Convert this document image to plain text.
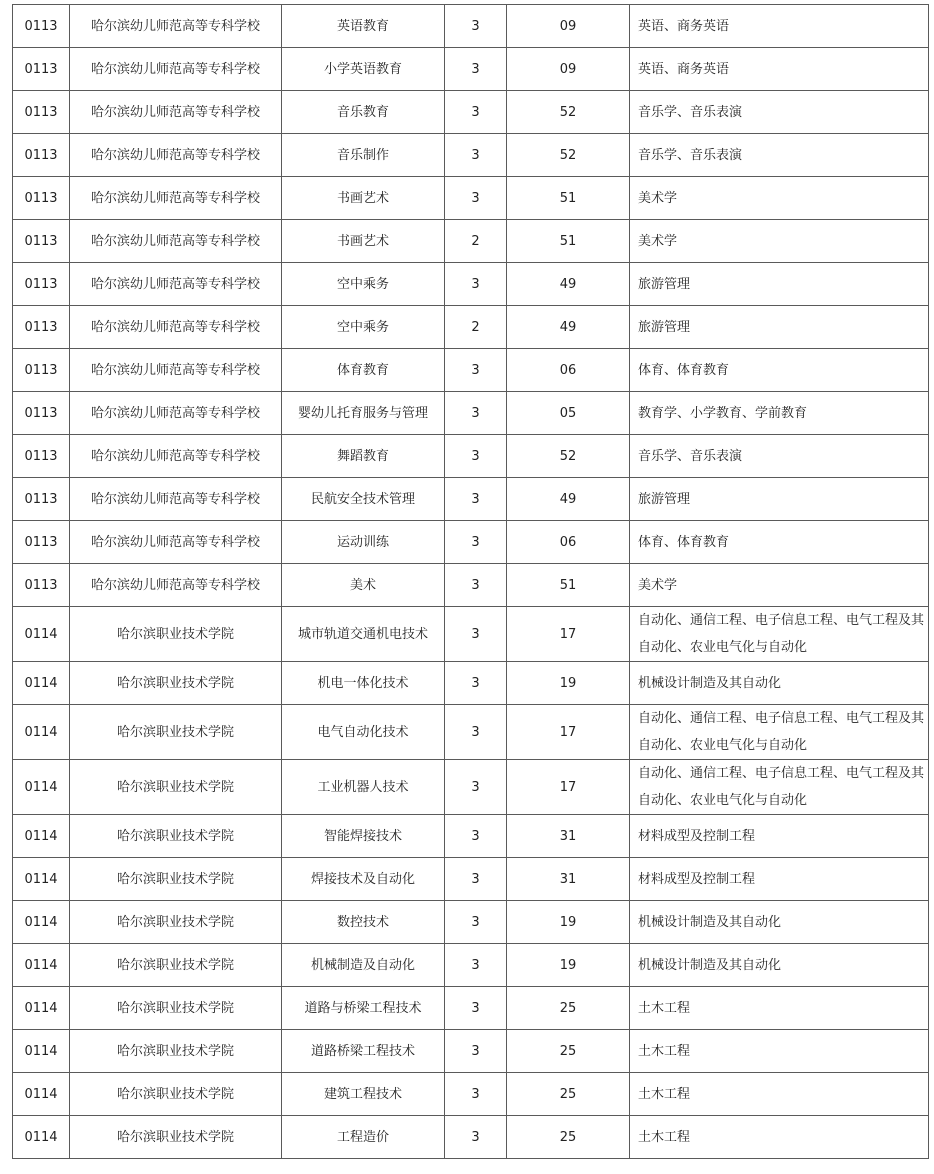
0113	哈尔滨幼儿师范高等专科学校	英语教育	3	09	英语、商务英语
0113	哈尔滨幼儿师范高等专科学校	小学英语教育	3	09	英语、商务英语
0113	哈尔滨幼儿师范高等专科学校	音乐教育	3	52	音乐学、音乐表演
0113	哈尔滨幼儿师范高等专科学校	音乐制作	3	52	音乐学、音乐表演
0113	哈尔滨幼儿师范高等专科学校	书画艺术	3	51	美术学
0113	哈尔滨幼儿师范高等专科学校	书画艺术	2	51	美术学
0113	哈尔滨幼儿师范高等专科学校	空中乘务	3	49	旅游管理
0113	哈尔滨幼儿师范高等专科学校	空中乘务	2	49	旅游管理
0113	哈尔滨幼儿师范高等专科学校	体育教育	3	06	体育、体育教育
0113	哈尔滨幼儿师范高等专科学校	婴幼儿托育服务与管理	3	05	教育学、小学教育、学前教育
0113	哈尔滨幼儿师范高等专科学校	舞蹈教育	3	52	音乐学、音乐表演
0113	哈尔滨幼儿师范高等专科学校	民航安全技术管理	3	49	旅游管理
0113	哈尔滨幼儿师范高等专科学校	运动训练	3	06	体育、体育教育
0113	哈尔滨幼儿师范高等专科学校	美术	3	51	美术学
0114	哈尔滨职业技术学院	城市轨道交通机电技术	3	17	自动化、通信工程、电子信息工程、电气工程及其自动化、农业电气化与自动化
0114	哈尔滨职业技术学院	机电一体化技术	3	19	机械设计制造及其自动化
0114	哈尔滨职业技术学院	电气自动化技术	3	17	自动化、通信工程、电子信息工程、电气工程及其自动化、农业电气化与自动化
0114	哈尔滨职业技术学院	工业机器人技术	3	17	自动化、通信工程、电子信息工程、电气工程及其自动化、农业电气化与自动化
0114	哈尔滨职业技术学院	智能焊接技术	3	31	材料成型及控制工程
0114	哈尔滨职业技术学院	焊接技术及自动化	3	31	材料成型及控制工程
0114	哈尔滨职业技术学院	数控技术	3	19	机械设计制造及其自动化
0114	哈尔滨职业技术学院	机械制造及自动化	3	19	机械设计制造及其自动化
0114	哈尔滨职业技术学院	道路与桥梁工程技术	3	25	土木工程
0114	哈尔滨职业技术学院	道路桥梁工程技术	3	25	土木工程
0114	哈尔滨职业技术学院	建筑工程技术	3	25	土木工程
0114	哈尔滨职业技术学院	工程造价	3	25	土木工程
